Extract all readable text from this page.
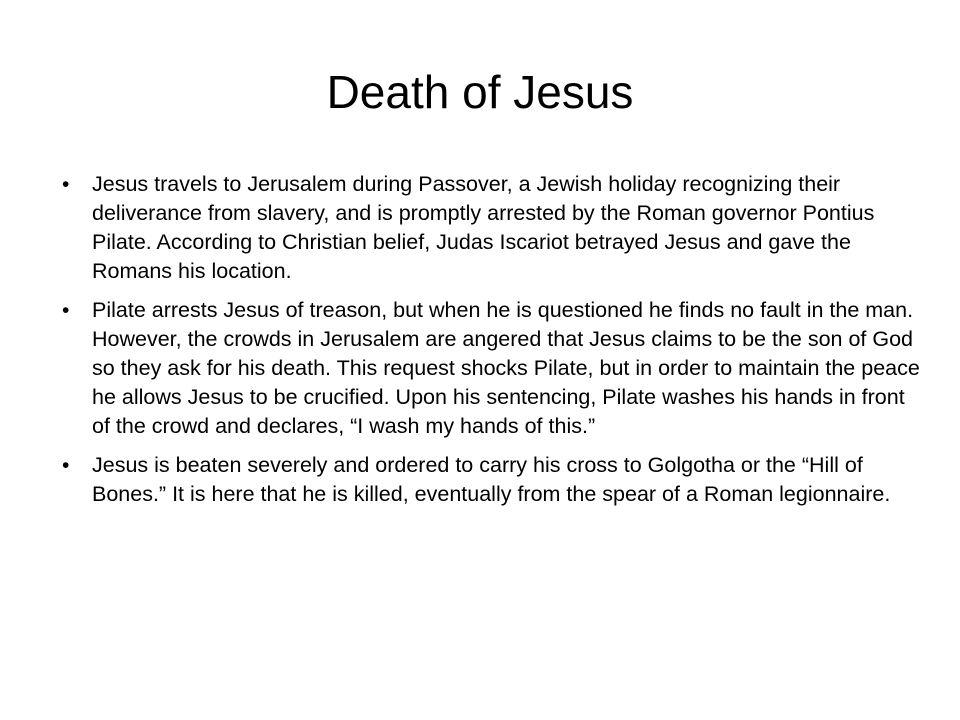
Death of Jesus
• Jesus travels to Jerusalem during Passover, a Jewish holiday recognizing their deliverance from slavery, and is promptly arrested by the Roman governor Pontius Pilate. According to Christian belief, Judas Iscariot betrayed Jesus and gave the Romans his location.
• Pilate arrests Jesus of treason, but when he is questioned he finds no fault in the man. However, the crowds in Jerusalem are angered that Jesus claims to be the son of God so they ask for his death. This request shocks Pilate, but in order to maintain the peace he allows Jesus to be crucified. Upon his sentencing, Pilate washes his hands in front of the crowd and declares, “I wash my hands of this.”
• Jesus is beaten severely and ordered to carry his cross to Golgotha or the “Hill of Bones.” It is here that he is killed, eventually from the spear of a Roman legionnaire.
